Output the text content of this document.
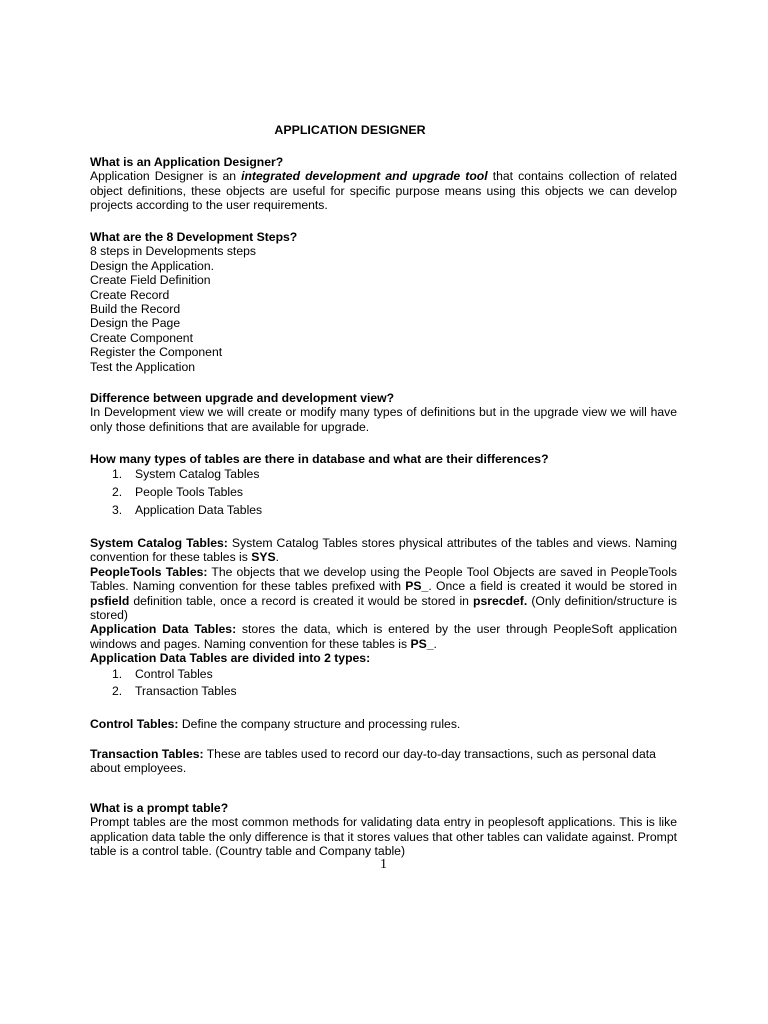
APPLICATION DESIGNER

What is an Application Designer?

Application Designer is an integrated development and upgrade tool that contains collection of related object definitions, these objects are useful for specific purpose means using this objects we can develop projects according to the user requirements.

What are the 8 Development Steps?

8 steps in Developments steps
Design the Application.
Create Field Definition
Create Record
Build the Record
Design the Page
Create Component
Register the Component
Test the Application

Difference between upgrade and development view?

In Development view we will create or modify many types of definitions but in the upgrade view we will have only those definitions that are available for upgrade.

How many types of tables are there in database and what are their differences?

1. System Catalog Tables
2. People Tools Tables
3. Application Data Tables

System Catalog Tables: System Catalog Tables stores physical attributes of the tables and views. Naming convention for these tables is SYS.

PeopleTools Tables: The objects that we develop using the People Tool Objects are saved in PeopleTools Tables. Naming convention for these tables prefixed with PS_. Once a field is created it would be stored in psfield definition table, once a record is created it would be stored in psrecdef. (Only definition/structure is stored)

Application Data Tables: stores the data, which is entered by the user through PeopleSoft application windows and pages. Naming convention for these tables is PS_.

Application Data Tables are divided into 2 types:

1. Control Tables
2. Transaction Tables

Control Tables: Define the company structure and processing rules.

Transaction Tables: These are tables used to record our day-to-day transactions, such as personal data about employees.

What is a prompt table?

Prompt tables are the most common methods for validating data entry in peoplesoft applications. This is like application data table the only difference is that it stores values that other tables can validate against. Prompt table is a control table. (Country table and Company table)

1
